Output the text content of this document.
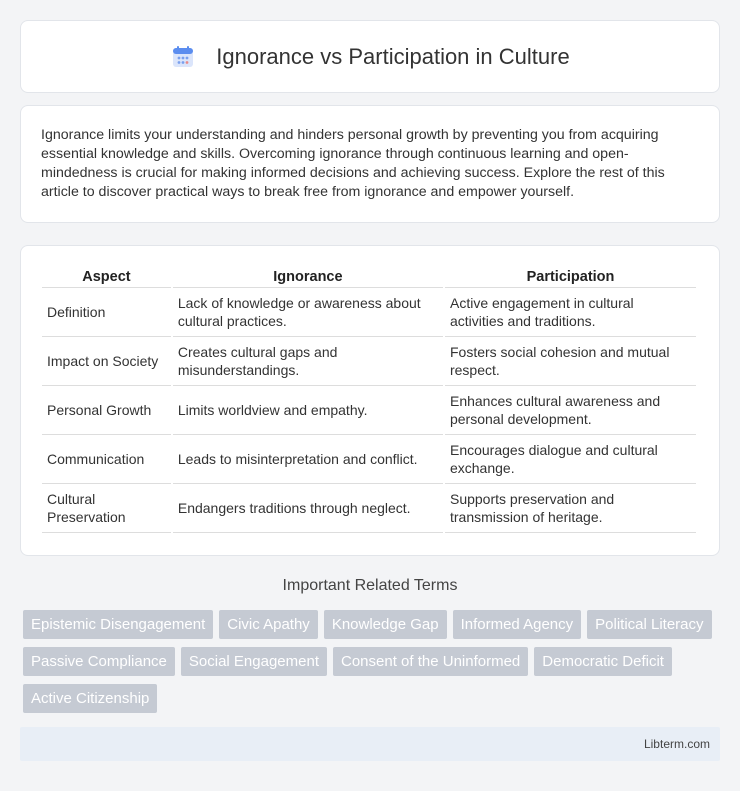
Ignorance vs Participation in Culture

Ignorance limits your understanding and hinders personal growth by preventing you from acquiring essential knowledge and skills. Overcoming ignorance through continuous learning and open-mindedness is crucial for making informed decisions and achieving success. Explore the rest of this article to discover practical ways to break free from ignorance and empower yourself.

Aspect	Ignorance	Participation
Definition	Lack of knowledge or awareness about cultural practices.	Active engagement in cultural activities and traditions.
Impact on Society	Creates cultural gaps and misunderstandings.	Fosters social cohesion and mutual respect.
Personal Growth	Limits worldview and empathy.	Enhances cultural awareness and personal development.
Communication	Leads to misinterpretation and conflict.	Encourages dialogue and cultural exchange.
Cultural Preservation	Endangers traditions through neglect.	Supports preservation and transmission of heritage.
Important Related Terms
Epistemic Disengagement	Civic Apathy	Knowledge Gap	Informed Agency	Political Literacy
Passive Compliance	Social Engagement	Consent of the Uninformed	Democratic Deficit
Active Citizenship
Libterm.com
